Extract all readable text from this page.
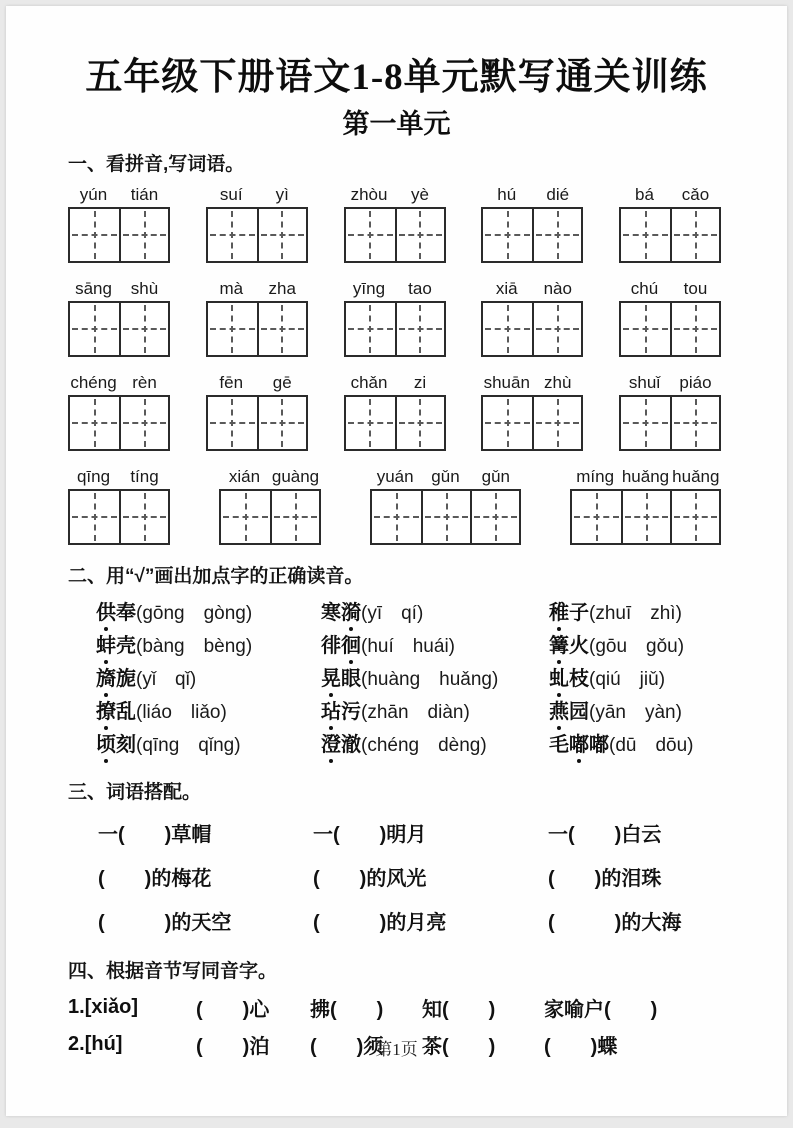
五年级下册语文1-8单元默写通关训练
第一单元
一、看拼音,写词语。
yún	tián	suí	yì	zhòu	yè	hú	dié	bá	cǎo
sāng	shù	mà	zha	yīng	tao	xiā	nào	chú	tou
chéng rèn	fēn	gē	chǎn	zi	shuān zhù	shuǐ	piáo
qīng	tíng	xián guàng	yuán	gǔn	gǔn	míng huǎng huǎng
二、用“√”画出加点字的正确读音。
供奉(gōng　gòng)	寒漪(yī　qí)	稚子(zhuī　zhì)
蚌壳(bàng　bèng)	徘徊(huí　huái)	篝火(gōu　gǒu)
旖旎(yǐ　qǐ)	晃眼(huàng　huǎng)	虬枝(qiú　jiǔ)
撩乱(liáo　liǎo)	玷污(zhān　diàn)	燕园(yān　yàn)
顷刻(qīng　qǐng)	澄澈(chéng　dèng)	毛嘟嘟(dū　dōu)
三、词语搭配。
一(　　)草帽	一(　　)明月	一(　　)白云
(　　)的梅花	(　　)的风光	(　　)的泪珠
(　　　)的天空	(　　　)的月亮	(　　　)的大海
四、根据音节写同音字。
1.[xiǎo]	(　　)心	拂(　　)	知(　　)	家喻户(　　)
2.[hú]	(　　)泊	(　　)须	茶(　　)	(　　)蝶
第1页
